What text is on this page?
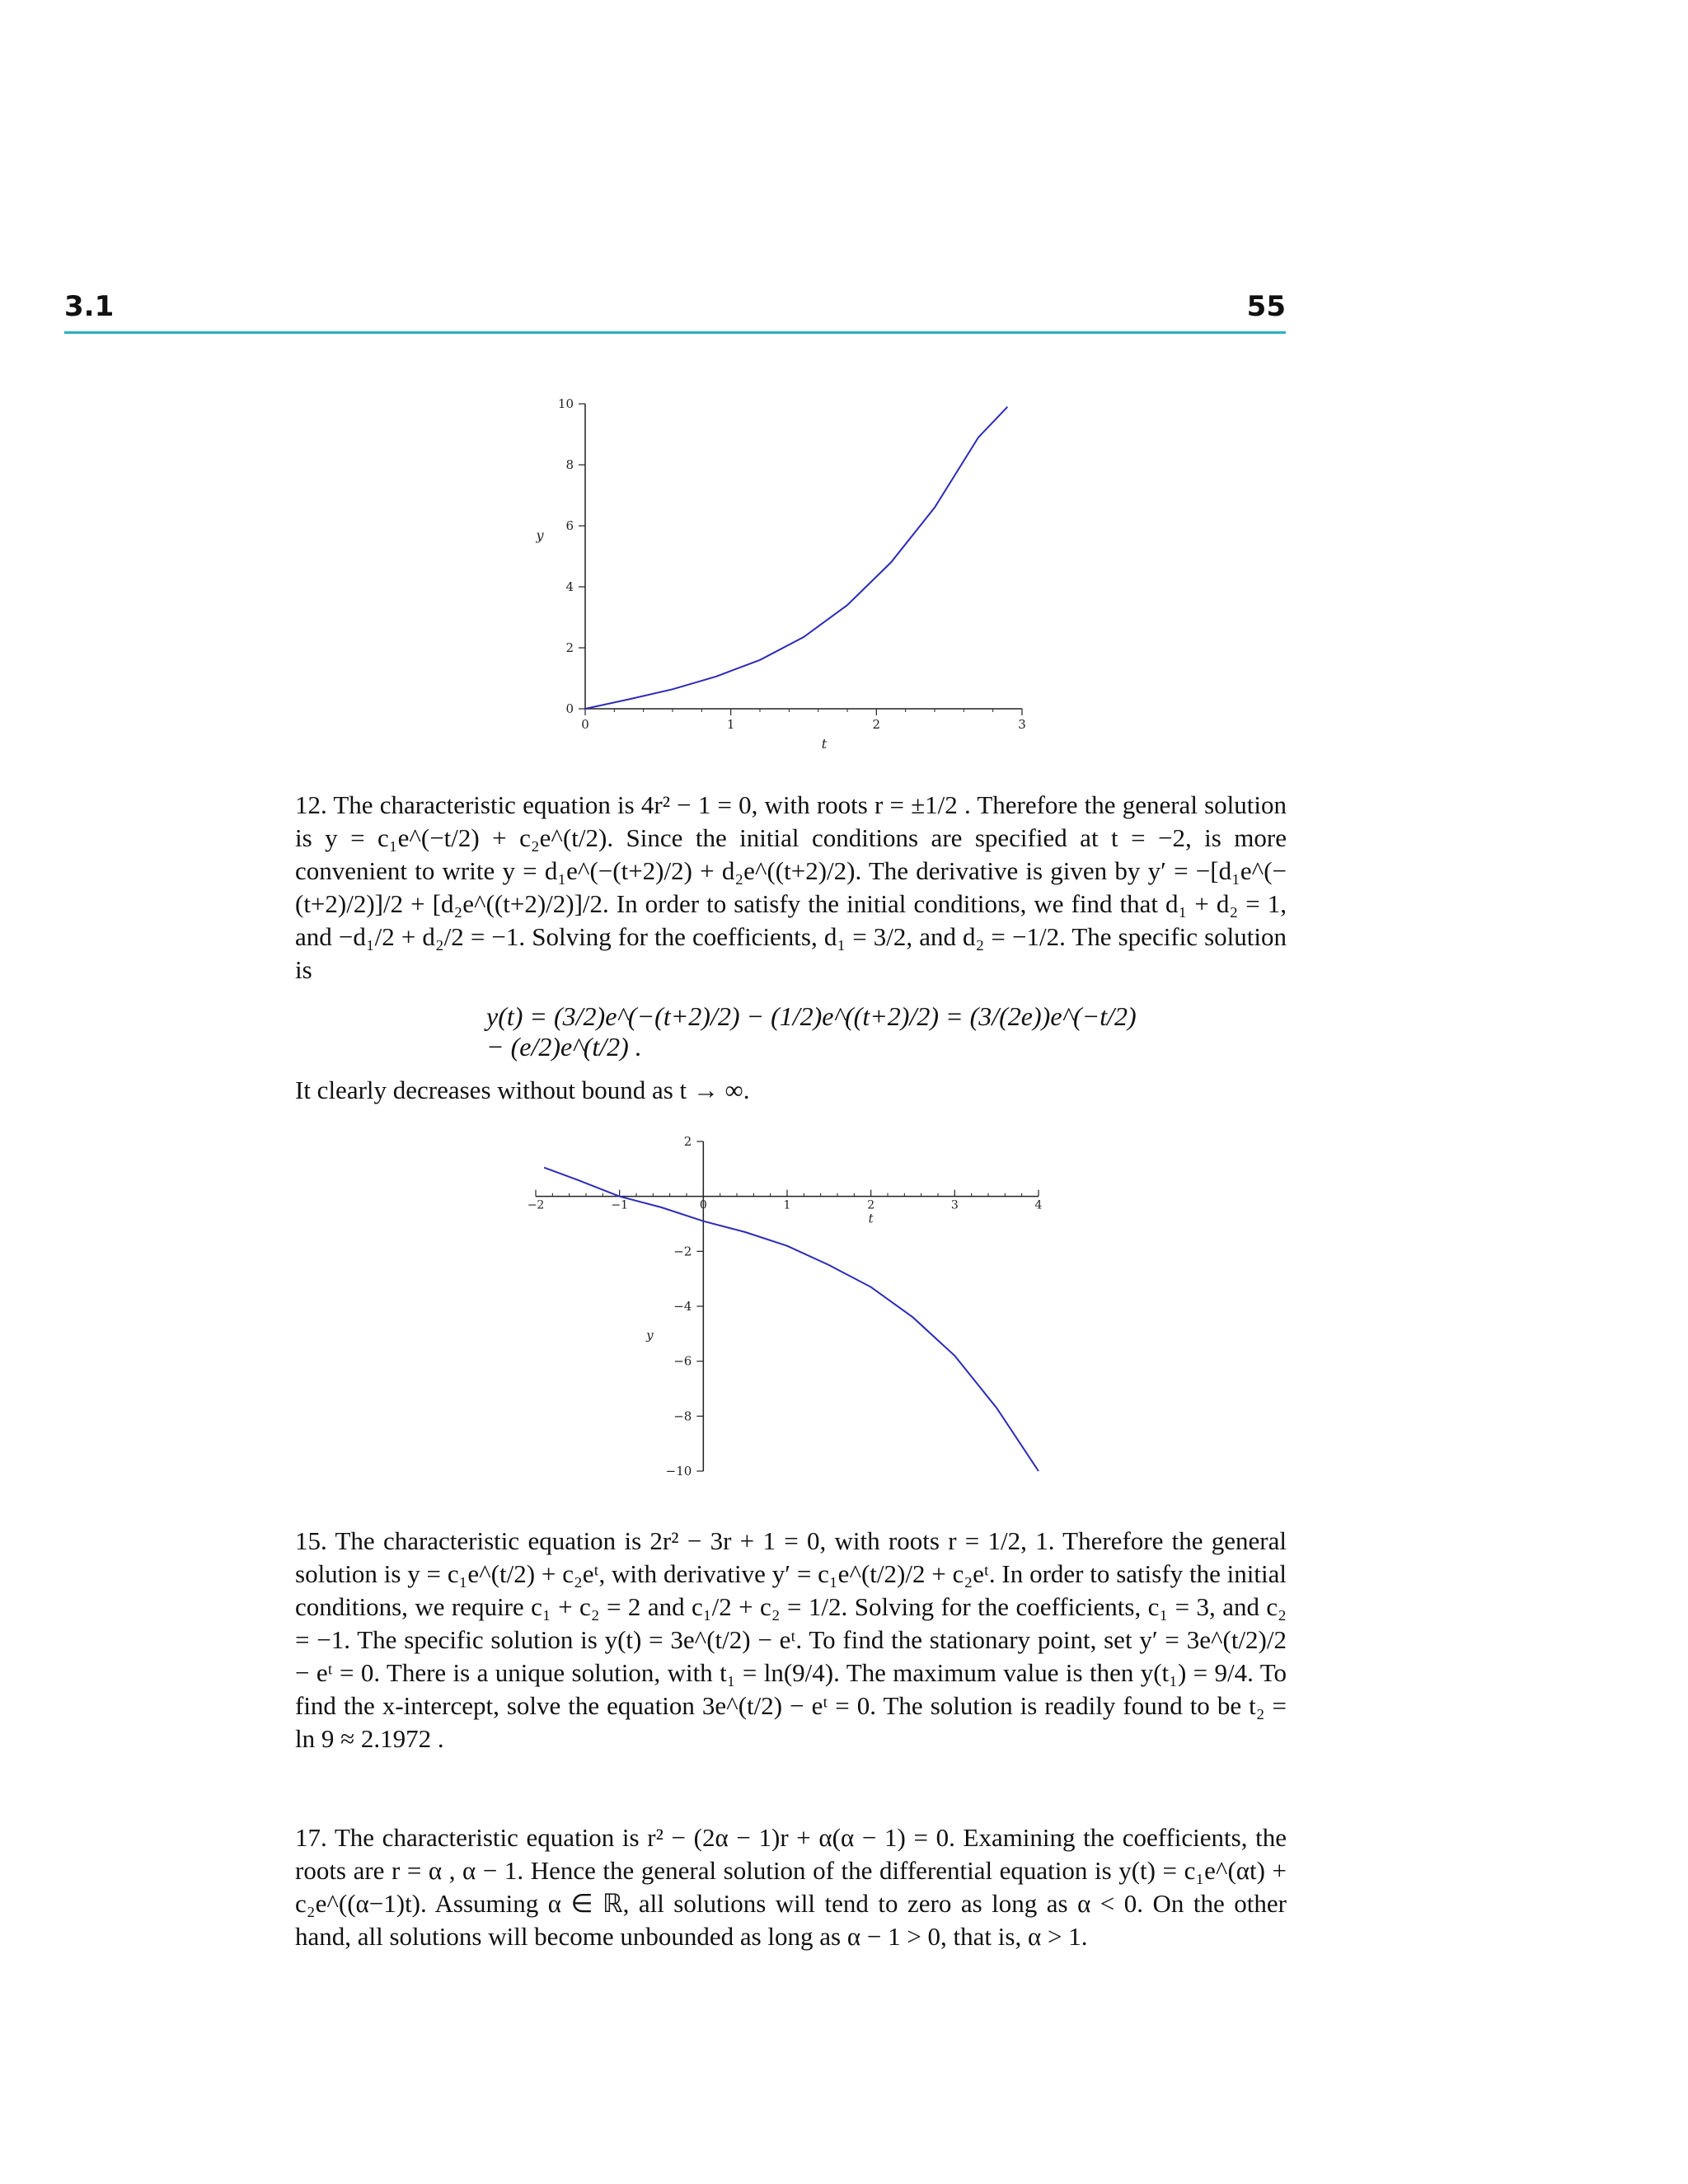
3.1	55
0
2
4
6
8
10
0	1	2	3
t
y

12. The characteristic equation is 4r² − 1 = 0, with roots r = ±1/2 . Therefore the general solution is y = c₁e^(−t/2) + c₂e^(t/2). Since the initial conditions are specified at t = −2, is more convenient to write y = d₁e^(−(t+2)/2) + d₂e^((t+2)/2). The derivative is given by y′ = −[d₁e^(−(t+2)/2)]/2 + [d₂e^((t+2)/2)]/2. In order to satisfy the initial conditions, we find that d₁ + d₂ = 1, and −d₁/2 + d₂/2 = −1. Solving for the coefficients, d₁ = 3/2, and d₂ = −1/2. The specific solution is

y(t) = (3/2)e^(−(t+2)/2) − (1/2)e^((t+2)/2) = (3/(2e))e^(−t/2) − (e/2)e^(t/2) .

It clearly decreases without bound as t → ∞.

−10
−8
−6
−4
−2
2
−2	−1	0	1	2	3	4
t
y

15. The characteristic equation is 2r² − 3r + 1 = 0, with roots r = 1/2, 1. Therefore the general solution is y = c₁e^(t/2) + c₂eᵗ, with derivative y′ = c₁e^(t/2)/2 + c₂eᵗ. In order to satisfy the initial conditions, we require c₁ + c₂ = 2 and c₁/2 + c₂ = 1/2. Solving for the coefficients, c₁ = 3, and c₂ = −1. The specific solution is y(t) = 3e^(t/2) − eᵗ. To find the stationary point, set y′ = 3e^(t/2)/2 − eᵗ = 0. There is a unique solution, with t₁ = ln(9/4). The maximum value is then y(t₁) = 9/4. To find the x-intercept, solve the equation 3e^(t/2) − eᵗ = 0. The solution is readily found to be t₂ = ln 9 ≈ 2.1972 .

17. The characteristic equation is r² − (2α − 1)r + α(α − 1) = 0. Examining the coefficients, the roots are r = α , α − 1. Hence the general solution of the differential equation is y(t) = c₁e^(αt) + c₂e^((α−1)t). Assuming α ∈ ℝ, all solutions will tend to zero as long as α < 0. On the other hand, all solutions will become unbounded as long as α − 1 > 0, that is, α > 1.
